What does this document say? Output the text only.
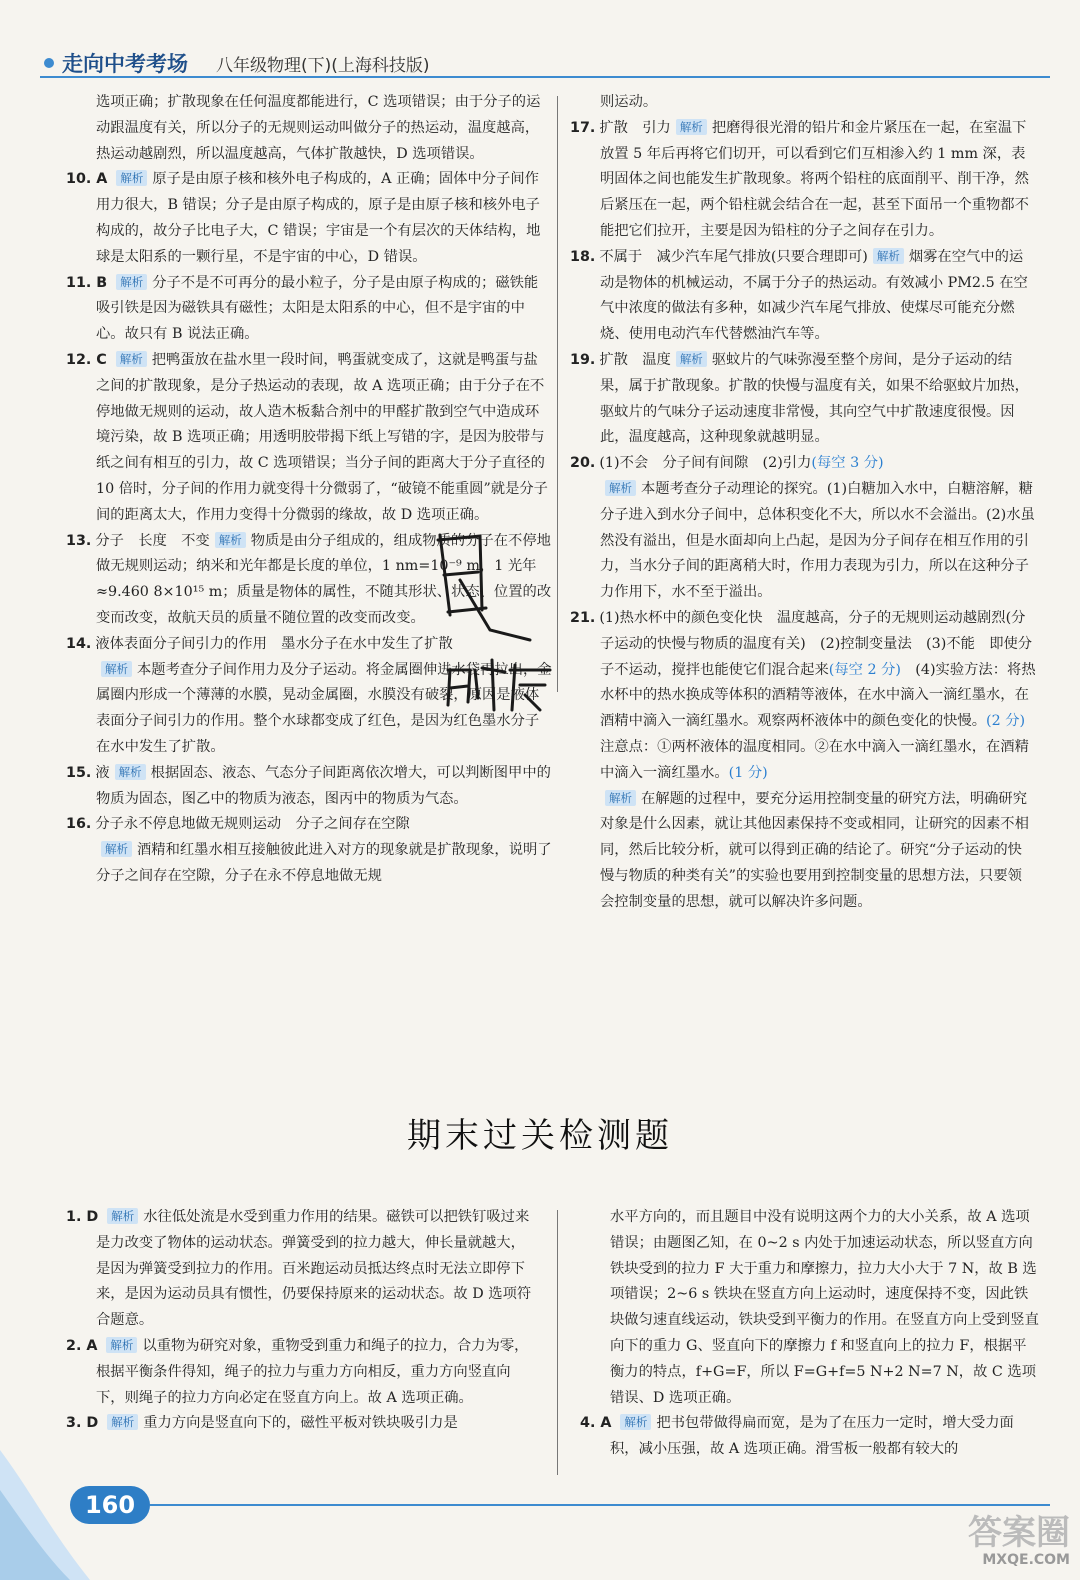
走向中考考场 八年级物理(下)(上海科技版)

选项正确；扩散现象在任何温度都能进行，C 选项错误；由于分子的运动跟温度有关，所以分子的无规则运动叫做分子的热运动，温度越高，热运动越剧烈，所以温度越高，气体扩散越快，D 选项错误。

10. A 解析 原子是由原子核和核外电子构成的，A 正确；固体中分子间作用力很大，B 错误；分子是由原子构成的，原子是由原子核和核外电子构成的，故分子比电子大，C 错误；宇宙是一个有层次的天体结构，地球是太阳系的一颗行星，不是宇宙的中心，D 错误。

11. B 解析 分子不是不可再分的最小粒子，分子是由原子构成的；磁铁能吸引铁是因为磁铁具有磁性；太阳是太阳系的中心，但不是宇宙的中心。故只有 B 说法正确。

12. C 解析 把鸭蛋放在盐水里一段时间，鸭蛋就变成了，这就是鸭蛋与盐之间的扩散现象，是分子热运动的表现，故 A 选项正确；由于分子在不停地做无规则的运动，故人造木板黏合剂中的甲醛扩散到空气中造成环境污染，故 B 选项正确；用透明胶带揭下纸上写错的字，是因为胶带与纸之间有相互的引力，故 C 选项错误；当分子间的距离大于分子直径的 10 倍时，分子间的作用力就变得十分微弱了，“破镜不能重圆”就是分子间的距离太大，作用力变得十分微弱的缘故，故 D 选项正确。

13. 分子　长度　不变 解析 物质是由分子组成的，组成物质的分子在不停地做无规则运动；纳米和光年都是长度的单位，1 nm=10⁻⁹ m，1 光年≈9.460 8×10¹⁵ m；质量是物体的属性，不随其形状、状态、位置的改变而改变，故航天员的质量不随位置的改变而改变。

14. 液体表面分子间引力的作用　墨水分子在水中发生了扩散

解析 本题考查分子间作用力及分子运动。将金属圈伸进水袋再拉出，金属圈内形成一个薄薄的水膜，晃动金属圈，水膜没有破裂，原因是液体表面分子间引力的作用。整个水球都变成了红色，是因为红色墨水分子在水中发生了扩散。

15. 液 解析 根据固态、液态、气态分子间距离依次增大，可以判断图甲中的物质为固态，图乙中的物质为液态，图丙中的物质为气态。

16. 分子永不停息地做无规则运动　分子之间存在空隙

解析 酒精和红墨水相互接触彼此进入对方的现象就是扩散现象，说明了分子之间存在空隙，分子在永不停息地做无规

则运动。

17. 扩散　引力 解析 把磨得很光滑的铅片和金片紧压在一起，在室温下放置 5 年后再将它们切开，可以看到它们互相渗入约 1 mm 深，表明固体之间也能发生扩散现象。将两个铅柱的底面削平、削干净，然后紧压在一起，两个铅柱就会结合在一起，甚至下面吊一个重物都不能把它们拉开，主要是因为铅柱的分子之间存在引力。

18. 不属于　减少汽车尾气排放(只要合理即可) 解析 烟雾在空气中的运动是物体的机械运动，不属于分子的热运动。有效减小 PM2.5 在空气中浓度的做法有多种，如减少汽车尾气排放、使煤尽可能充分燃烧、使用电动汽车代替燃油汽车等。

19. 扩散　温度 解析 驱蚊片的气味弥漫至整个房间，是分子运动的结果，属于扩散现象。扩散的快慢与温度有关，如果不给驱蚊片加热，驱蚊片的气味分子运动速度非常慢，其向空气中扩散速度很慢。因此，温度越高，这种现象就越明显。

20. (1)不会　分子间有间隙　(2)引力(每空 3 分)

解析 本题考查分子动理论的探究。(1)白糖加入水中，白糖溶解，糖分子进入到水分子间中，总体积变化不大，所以水不会溢出。(2)水虽然没有溢出，但是水面却向上凸起，是因为分子间存在相互作用的引力，当水分子间的距离稍大时，作用力表现为引力，所以在这种分子力作用下，水不至于溢出。

21. (1)热水杯中的颜色变化快　温度越高，分子的无规则运动越剧烈(分子运动的快慢与物质的温度有关)　(2)控制变量法　(3)不能　即使分子不运动，搅拌也能使它们混合起来(每空 2 分)　(4)实验方法：将热水杯中的热水换成等体积的酒精等液体，在水中滴入一滴红墨水，在酒精中滴入一滴红墨水。观察两杯液体中的颜色变化的快慢。(2 分)注意点：①两杯液体的温度相同。②在水中滴入一滴红墨水，在酒精中滴入一滴红墨水。(1 分)

解析 在解题的过程中，要充分运用控制变量的研究方法，明确研究对象是什么因素，就让其他因素保持不变或相同，让研究的因素不相同，然后比较分析，就可以得到正确的结论了。研究“分子运动的快慢与物质的种类有关”的实验也要用到控制变量的思想方法，只要领会控制变量的思想，就可以解决许多问题。

期末过关检测题

1. D 解析 水往低处流是水受到重力作用的结果。磁铁可以把铁钉吸过来是力改变了物体的运动状态。弹簧受到的拉力越大，伸长量就越大，是因为弹簧受到拉力的作用。百米跑运动员抵达终点时无法立即停下来，是因为运动员具有惯性，仍要保持原来的运动状态。故 D 选项符合题意。

2. A 解析 以重物为研究对象，重物受到重力和绳子的拉力，合力为零，根据平衡条件得知，绳子的拉力与重力方向相反，重力方向竖直向下，则绳子的拉力方向必定在竖直方向上。故 A 选项正确。

3. D 解析 重力方向是竖直向下的，磁性平板对铁块吸引力是

水平方向的，而且题目中没有说明这两个力的大小关系，故 A 选项错误；由题图乙知，在 0~2 s 内处于加速运动状态，所以竖直方向铁块受到的拉力 F 大于重力和摩擦力，拉力大小大于 7 N，故 B 选项错误；2~6 s 铁块在竖直方向上运动时，速度保持不变，因此铁块做匀速直线运动，铁块受到平衡力的作用。在竖直方向上受到竖直向下的重力 G、竖直向下的摩擦力 f 和竖直向上的拉力 F，根据平衡力的特点，f+G=F，所以 F=G+f=5 N+2 N=7 N，故 C 选项错误、D 选项正确。

4. A 解析 把书包带做得扁而宽，是为了在压力一定时，增大受力面积，减小压强，故 A 选项正确。滑雪板一般都有较大的

160
答案圈
MXQE.COM
